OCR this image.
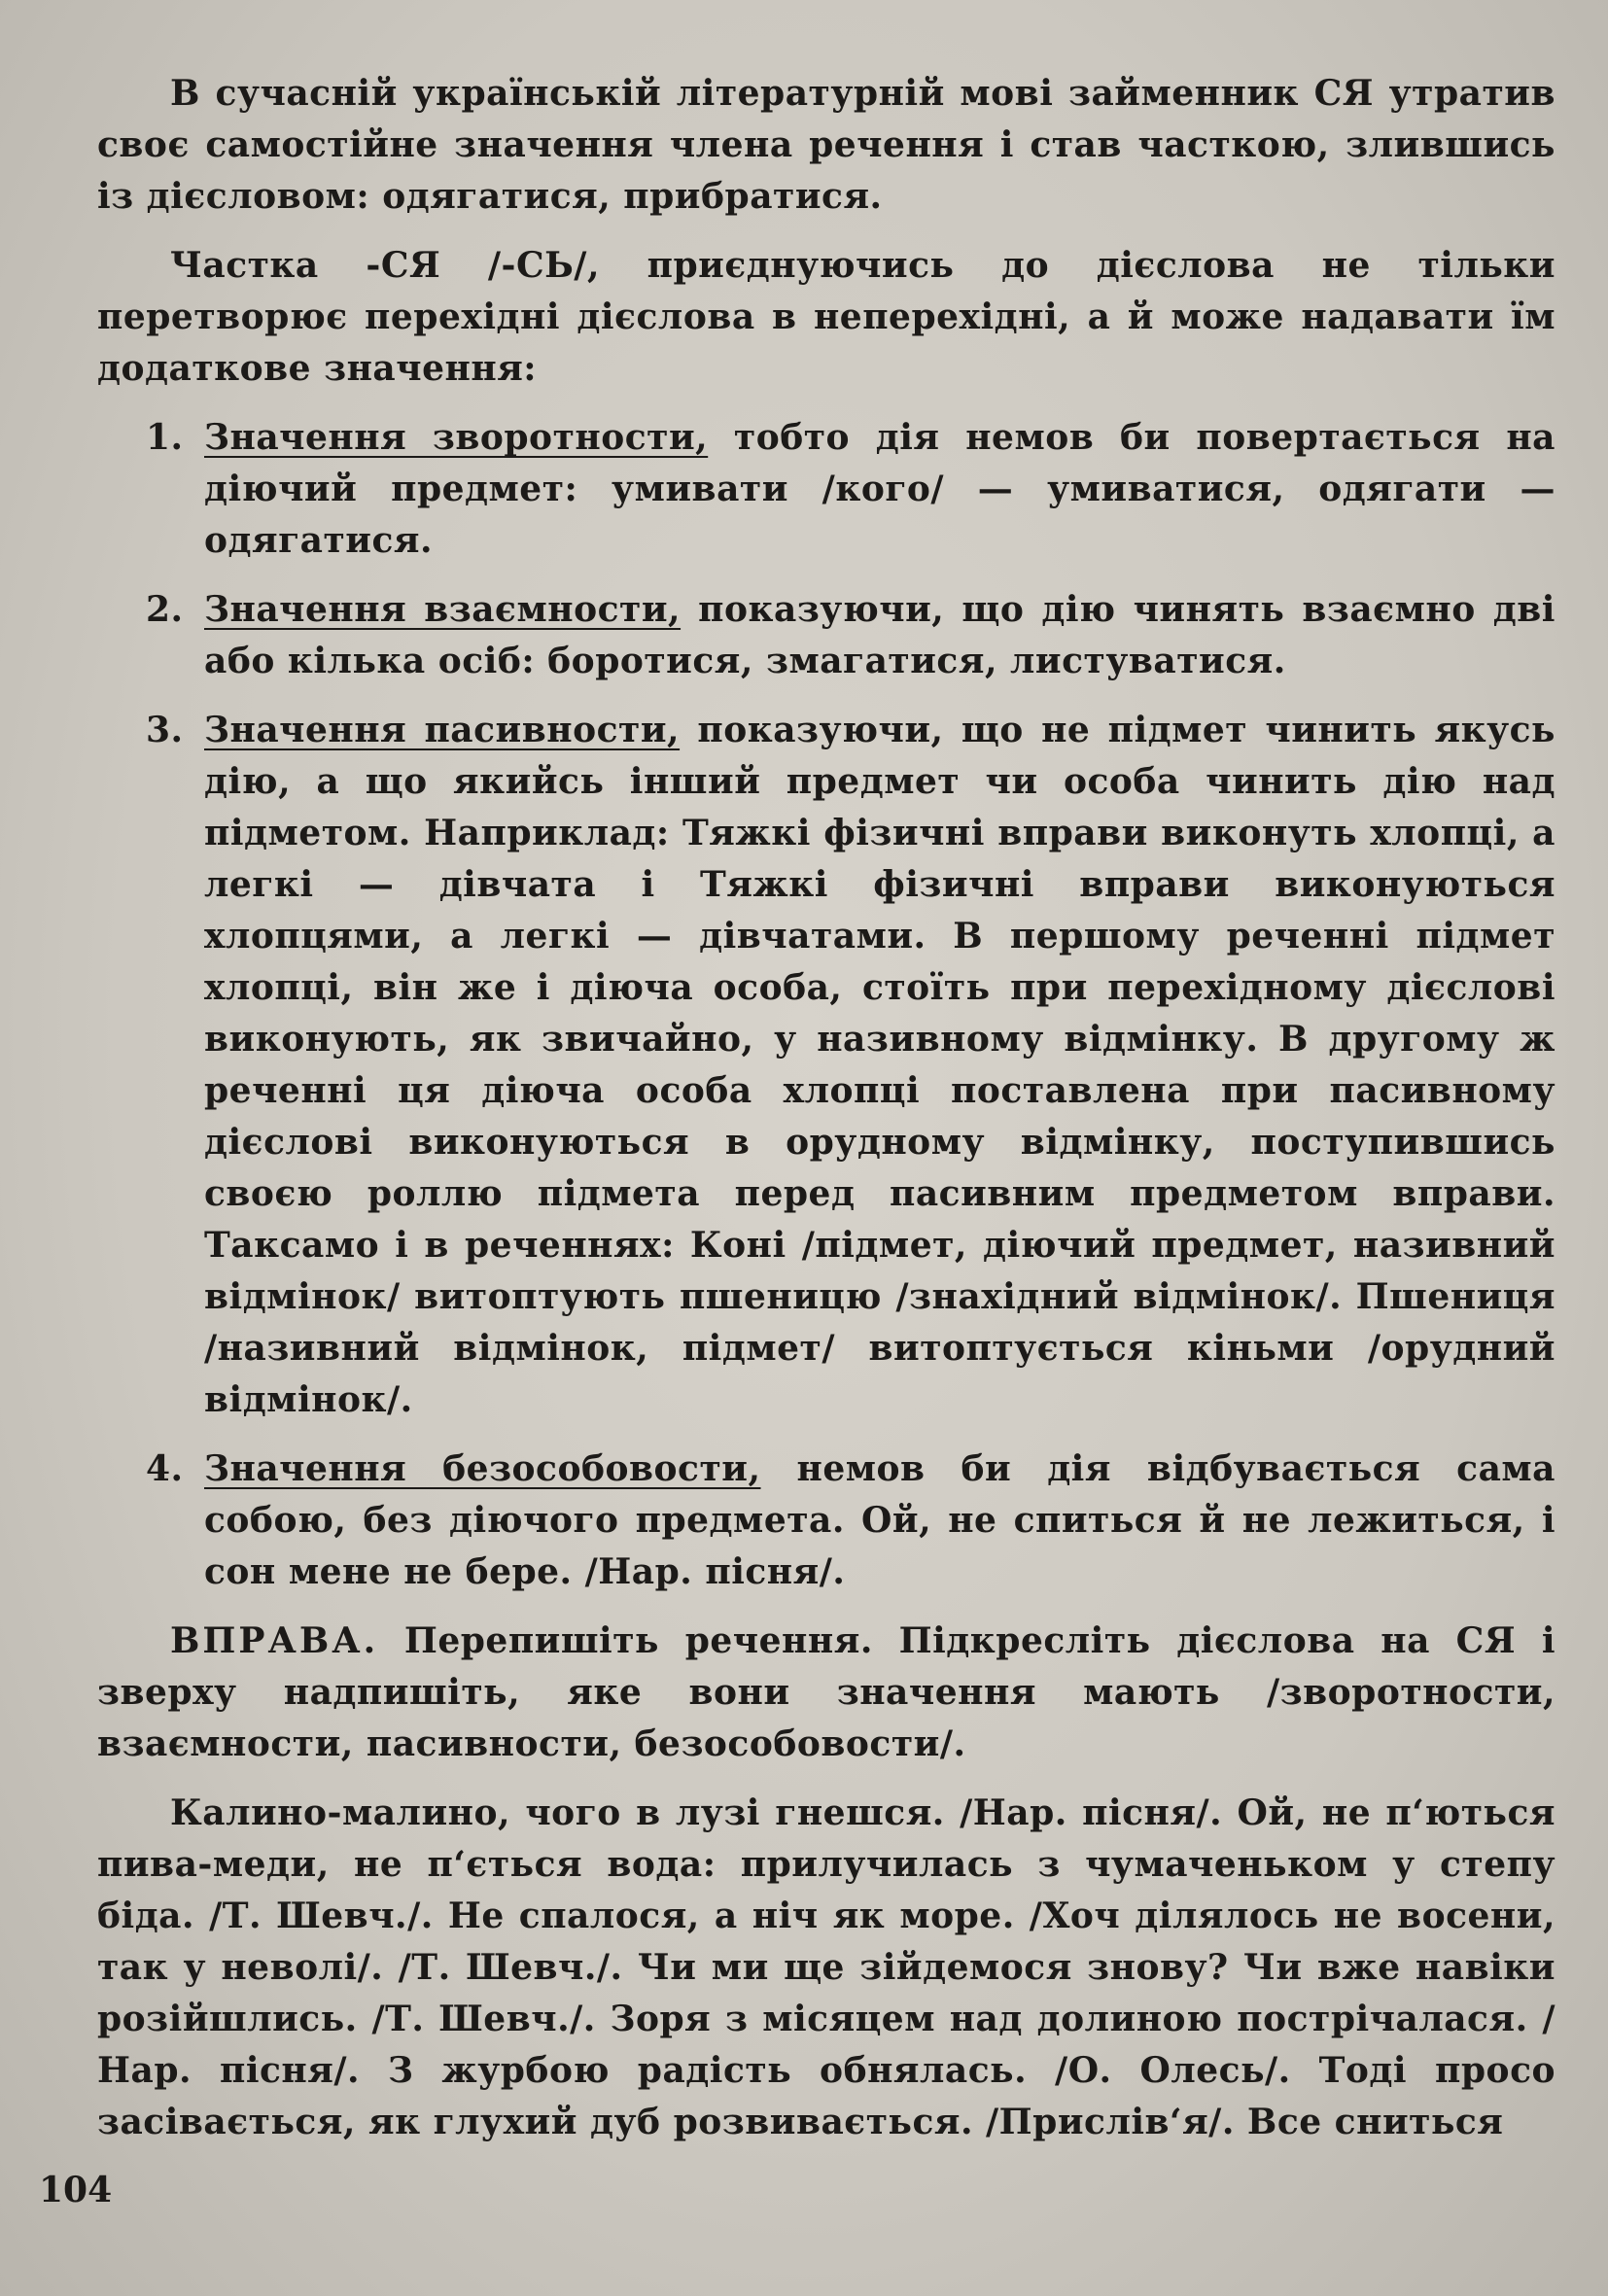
В сучасній українській літературній мові займенник СЯ утратив своє самостійне значення члена речення і став часткою, злившись із дієсловом: одягатися, прибратися.

Частка -СЯ /-СЬ/, приєднуючись до дієслова не тільки перетворює перехідні дієслова в неперехідні, а й може надавати їм додаткове значення:

1. Значення зворотности, тобто дія немов би повертається на діючий предмет: умивати /кого/ — умиватися, одягати — одягатися.
2. Значення взаємности, показуючи, що дію чинять взаємно дві або кілька осіб: боротися, змагатися, листуватися.
3. Значення пасивности, показуючи, що не підмет чинить якусь дію, а що якийсь інший предмет чи особа чинить дію над підметом. Наприклад: Тяжкі фізичні вправи виконуть хлопці, а легкі — дівчата і Тяжкі фізичні вправи виконуються хлопцями, а легкі — дівчатами. В першому реченні підмет хлопці, він же і діюча особа, стоїть при перехідному дієслові виконують, як звичайно, у називному відмінку. В другому ж реченні ця діюча особа хлопці поставлена при пасивному дієслові виконуються в орудному відмінку, поступившись своєю роллю підмета перед пасивним предметом вправи. Таксамо і в реченнях: Коні /підмет, діючий предмет, називний відмінок/ витоптують пшеницю /знахідний відмінок/. Пшениця /називний відмінок, підмет/ витоптується кіньми /орудний відмінок/.
4. Значення безособовости, немов би дія відбувається сама собою, без діючого предмета. Ой, не спиться й не лежиться, і сон мене не бере. /Нар. пісня/.

ВПРАВА. Перепишіть речення. Підкресліть дієслова на СЯ і зверху надпишіть, яке вони значення мають /зворотности, взаємности, пасивности, безособовости/.

Калино-малино, чого в лузі гнешся. /Нар. пісня/. Ой, не п‘ються пива-меди, не п‘ється вода: прилучилась з чумаченьком у степу біда. /Т. Шевч./. Не спалося, а ніч як море. /Хоч ділялось не восени, так у неволі/. /Т. Шевч./. Чи ми ще зійдемося знову? Чи вже навіки розійшлись. /Т. Шевч./. Зоря з місяцем над долиною пострічалася. /Нар. пісня/. З журбою радість обнялась. /О. Олесь/. Тоді просо засівається, як глухий дуб розвивається. /Прислів‘я/. Все сниться

104
